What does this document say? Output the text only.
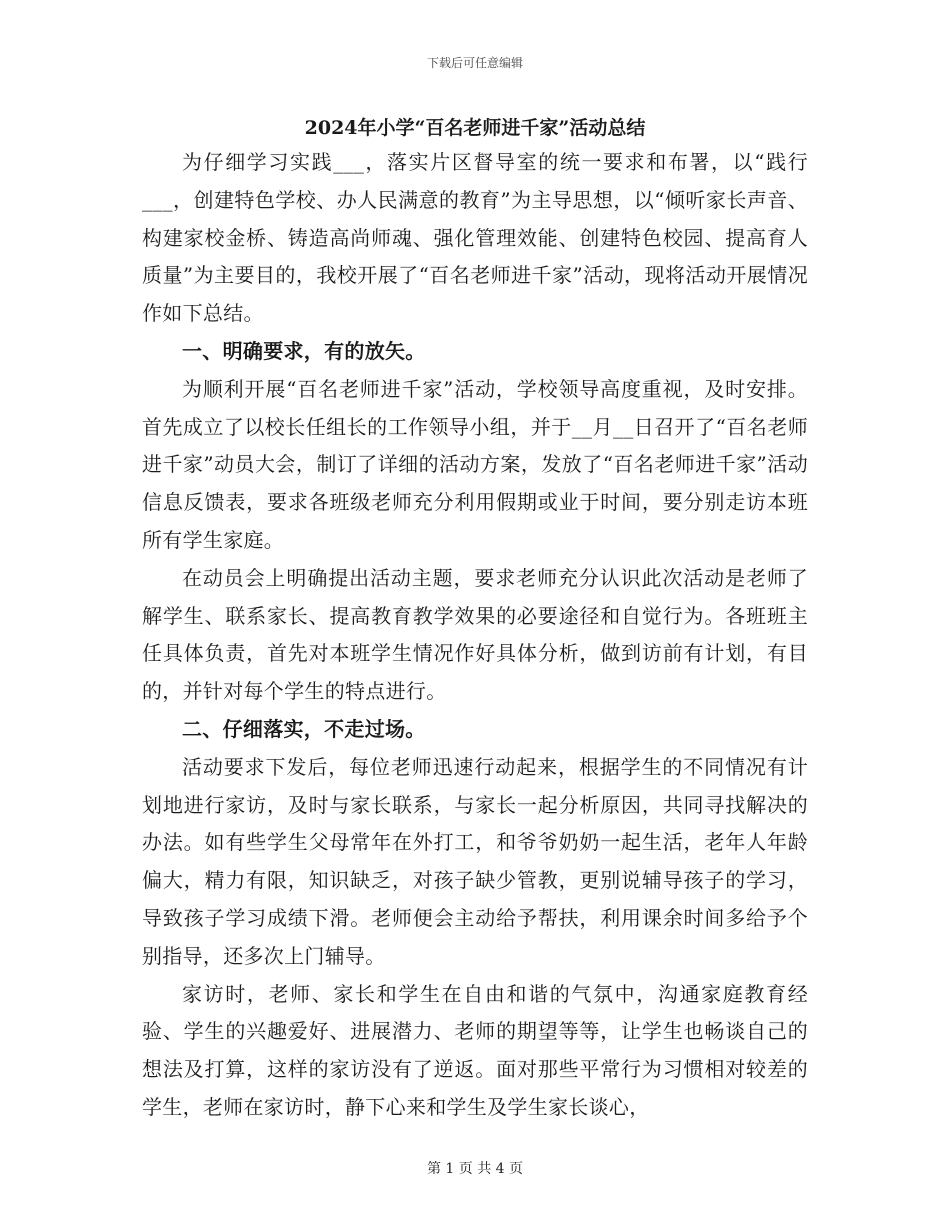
下载后可任意编辑
2024年小学“百名老师进千家”活动总结

为仔细学习实践___，落实片区督导室的统一要求和布署，以“践行___，创建特色学校、办人民满意的教育”为主导思想，以“倾听家长声音、构建家校金桥、铸造高尚师魂、强化管理效能、创建特色校园、提高育人质量”为主要目的，我校开展了“百名老师进千家”活动，现将活动开展情况作如下总结。

一、明确要求，有的放矢。

为顺利开展“百名老师进千家”活动，学校领导高度重视，及时安排。首先成立了以校长任组长的工作领导小组，并于__月__日召开了“百名老师进千家”动员大会，制订了详细的活动方案，发放了“百名老师进千家”活动信息反馈表，要求各班级老师充分利用假期或业于时间，要分别走访本班所有学生家庭。

在动员会上明确提出活动主题，要求老师充分认识此次活动是老师了解学生、联系家长、提高教育教学效果的必要途径和自觉行为。各班班主任具体负责，首先对本班学生情况作好具体分析，做到访前有计划，有目的，并针对每个学生的特点进行。

二、仔细落实，不走过场。

活动要求下发后，每位老师迅速行动起来，根据学生的不同情况有计划地进行家访，及时与家长联系，与家长一起分析原因，共同寻找解决的办法。如有些学生父母常年在外打工，和爷爷奶奶一起生活，老年人年龄偏大，精力有限，知识缺乏，对孩子缺少管教，更别说辅导孩子的学习，导致孩子学习成绩下滑。老师便会主动给予帮扶，利用课余时间多给予个别指导，还多次上门辅导。

家访时，老师、家长和学生在自由和谐的气氛中，沟通家庭教育经验、学生的兴趣爱好、进展潜力、老师的期望等等，让学生也畅谈自己的想法及打算，这样的家访没有了逆返。面对那些平常行为习惯相对较差的学生，老师在家访时，静下心来和学生及学生家长谈心，

第 1 页 共 4 页
